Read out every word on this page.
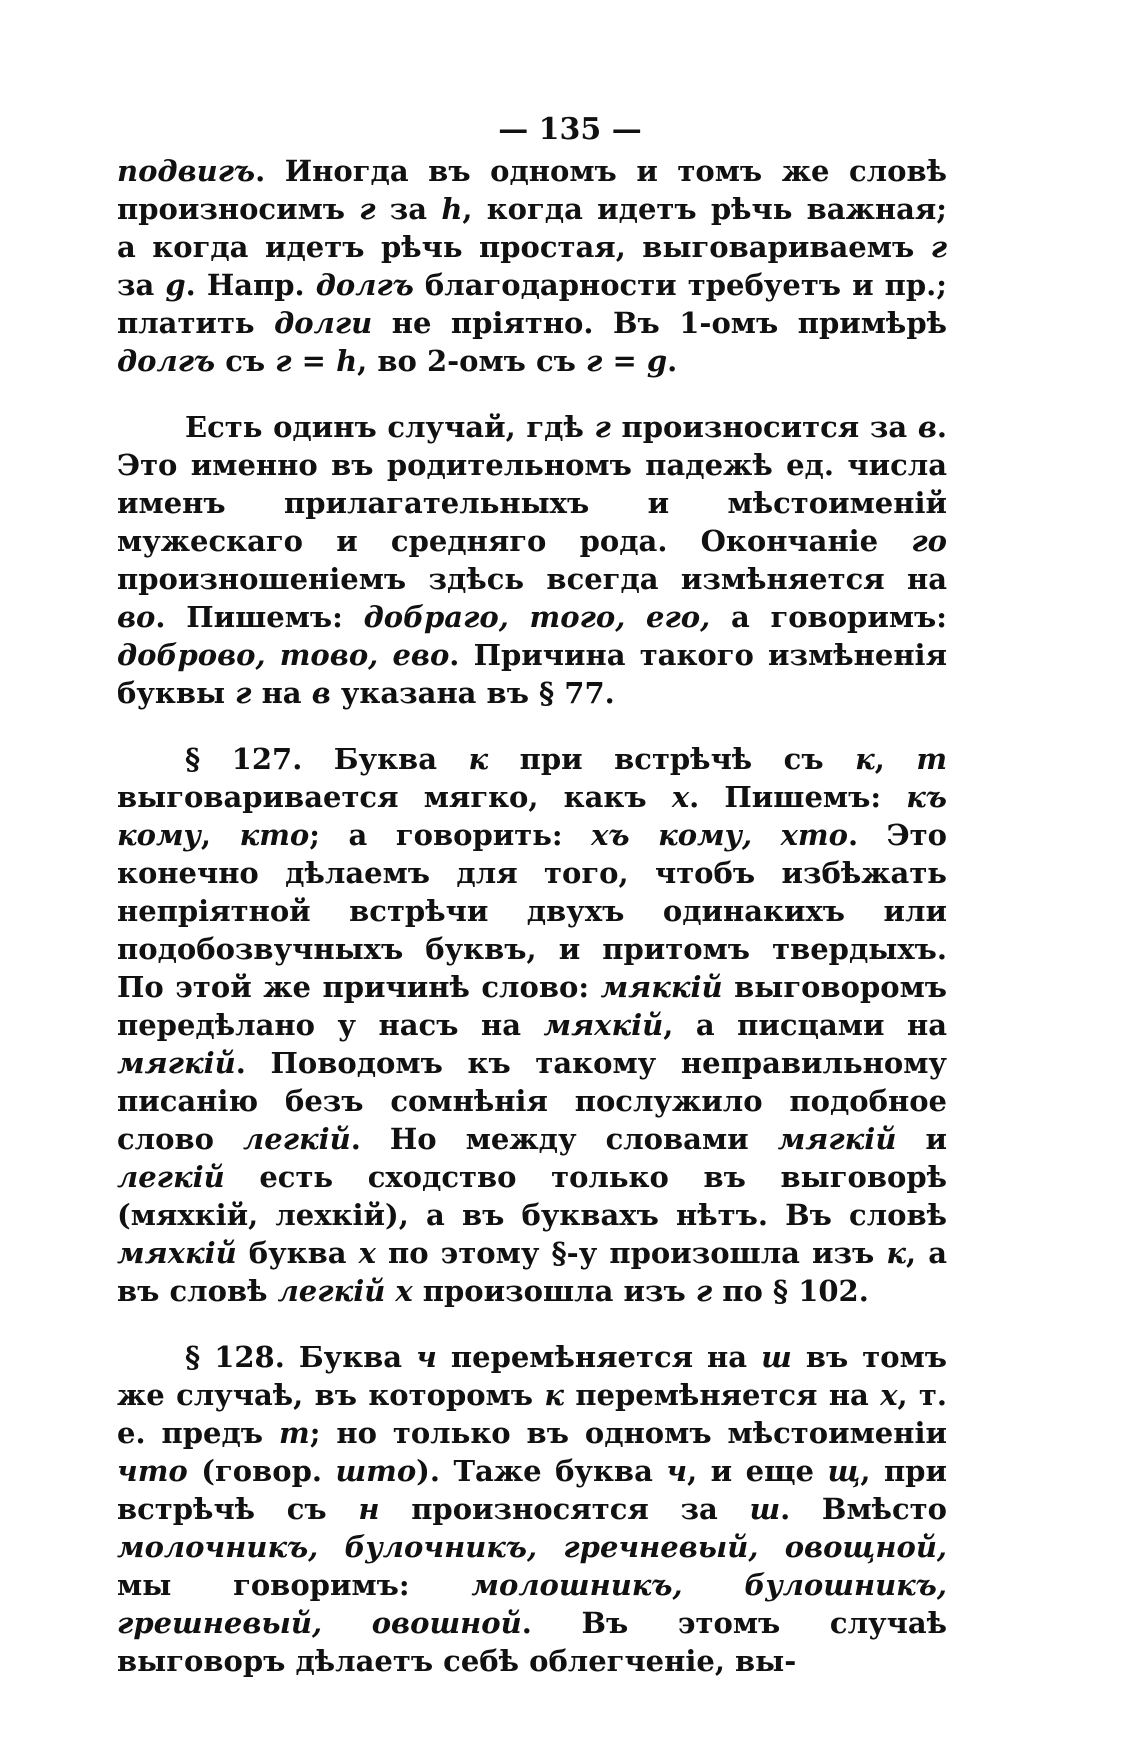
— 135 —

подвигъ. Иногда въ одномъ и томъ же словѣ произносимъ г за h, когда идетъ рѣчь важная; а когда идетъ рѣчь простая, выговариваемъ г за g. Напр. долгъ благодарности требуетъ и пр.; платить долги не пріятно. Въ 1-омъ примѣрѣ долгъ съ г = h, во 2-омъ съ г = g.

Есть одинъ случай, гдѣ г произносится за в. Это именно въ родительномъ падежѣ ед. числа именъ прилагательныхъ и мѣстоименій мужескаго и средняго рода. Окончаніе го произношеніемъ здѣсь всегда измѣняется на во. Пишемъ: добраго, того, его, а говоримъ: доброво, тово, ево. Причина такого измѣненія буквы г на в указана въ § 77.

§ 127. Буква к при встрѣчѣ съ к, т выговаривается мягко, какъ х. Пишемъ: къ кому, кто; а говорить: хъ кому, хто. Это конечно дѣлаемъ для того, чтобъ избѣжать непріятной встрѣчи двухъ одинакихъ или подобозвучныхъ буквъ, и притомъ твердыхъ. По этой же причинѣ слово: мяккій выговоромъ передѣлано у насъ на мяхкій, а писцами на мягкій. Поводомъ къ такому неправильному писанію безъ сомнѣнія послужило подобное слово легкій. Но между словами мягкій и легкій есть сходство только въ выговорѣ (мяхкій, лехкій), а въ буквахъ нѣтъ. Въ словѣ мяхкій буква х по этому §-у произошла изъ к, а въ словѣ легкій х произошла изъ г по § 102.

§ 128. Буква ч перемѣняется на ш въ томъ же случаѣ, въ которомъ к перемѣняется на х, т. е. предъ т; но только въ одномъ мѣстоименіи что (говор. што). Таже буква ч, и еще щ, при встрѣчѣ съ н произносятся за ш. Вмѣсто молочникъ, булочникъ, гречневый, овощной, мы говоримъ: молошникъ, булошникъ, грешневый, овошной. Въ этомъ случаѣ выговоръ дѣлаетъ себѣ облегченіе, вы-
